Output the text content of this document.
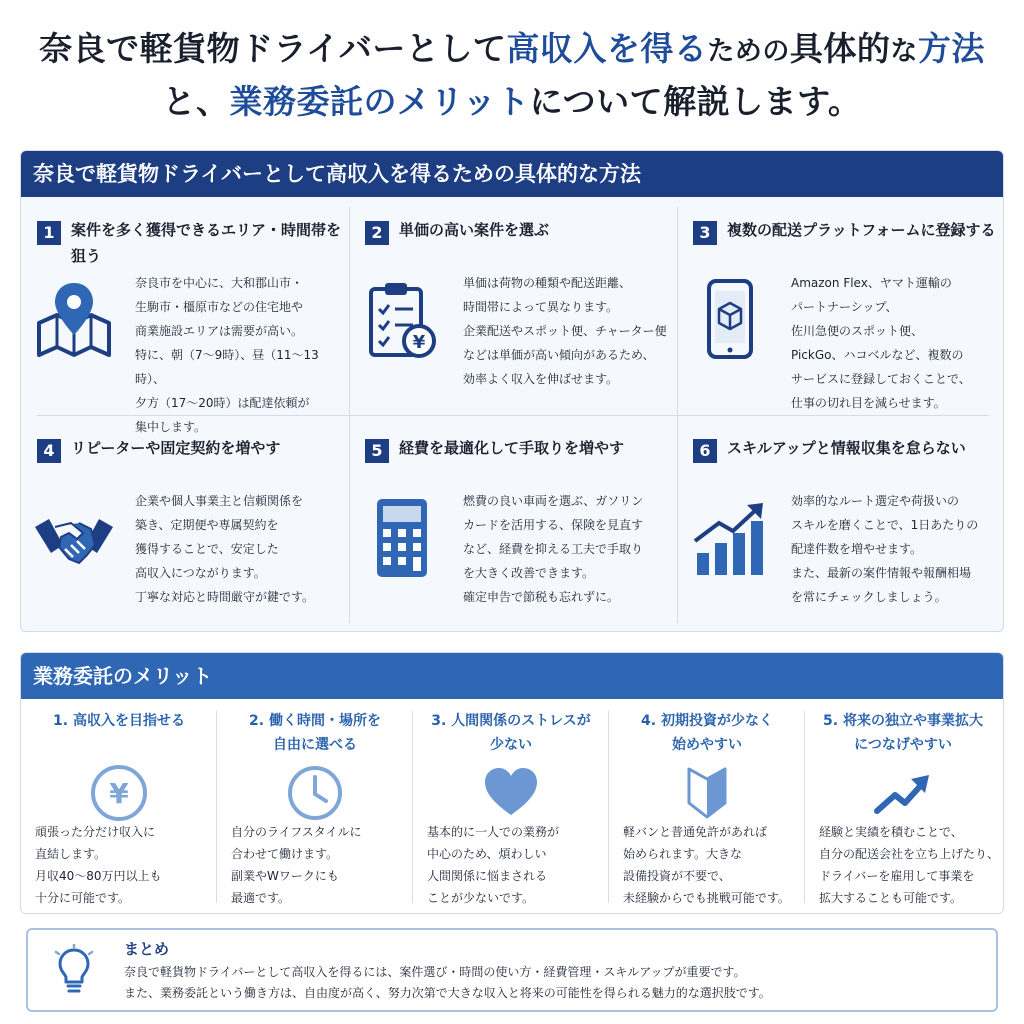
奈良で軽貨物ドライバーとして高収入を得るための具体的な方法
と、業務委託のメリットについて解説します。
奈良で軽貨物ドライバーとして高収入を得るための具体的な方法
1	案件を多く獲得できるエリア・時間帯を狙う
奈良市を中心に、大和郡山市・
生駒市・橿原市などの住宅地や
商業施設エリアは需要が高い。
特に、朝（7〜9時）、昼（11〜13時）、
夕方（17〜20時）は配達依頼が
集中します。
2	単価の高い案件を選ぶ
¥
単価は荷物の種類や配送距離、
時間帯によって異なります。
企業配送やスポット便、チャーター便
などは単価が高い傾向があるため、
効率よく収入を伸ばせます。
3	複数の配送プラットフォームに登録する
Amazon Flex、ヤマト運輸の
パートナーシップ、
佐川急便のスポット便、
PickGo、ハコベルなど、複数の
サービスに登録しておくことで、
仕事の切れ目を減らせます。
4	リピーターや固定契約を増やす
企業や個人事業主と信頼関係を
築き、定期便や専属契約を
獲得することで、安定した
高収入につながります。
丁寧な対応と時間厳守が鍵です。
5	経費を最適化して手取りを増やす
燃費の良い車両を選ぶ、ガソリン
カードを活用する、保険を見直す
など、経費を抑える工夫で手取り
を大きく改善できます。
確定申告で節税も忘れずに。
6	スキルアップと情報収集を怠らない
効率的なルート選定や荷扱いの
スキルを磨くことで、1日あたりの
配達件数を増やせます。
また、最新の案件情報や報酬相場
を常にチェックしましょう。
業務委託のメリット
1. 高収入を目指せる
¥
頑張った分だけ収入に
直結します。
月収40〜80万円以上も
十分に可能です。
2. 働く時間・場所を
自由に選べる
自分のライフスタイルに
合わせて働けます。
副業やWワークにも
最適です。
3. 人間関係のストレスが
少ない
基本的に一人での業務が
中心のため、煩わしい
人間関係に悩まされる
ことが少ないです。
4. 初期投資が少なく
始めやすい
軽バンと普通免許があれば
始められます。大きな
設備投資が不要で、
未経験からでも挑戦可能です。
5. 将来の独立や事業拡大
につなげやすい
経験と実績を積むことで、
自分の配送会社を立ち上げたり、
ドライバーを雇用して事業を
拡大することも可能です。
まとめ
奈良で軽貨物ドライバーとして高収入を得るには、案件選び・時間の使い方・経費管理・スキルアップが重要です。
また、業務委託という働き方は、自由度が高く、努力次第で大きな収入と将来の可能性を得られる魅力的な選択肢です。
